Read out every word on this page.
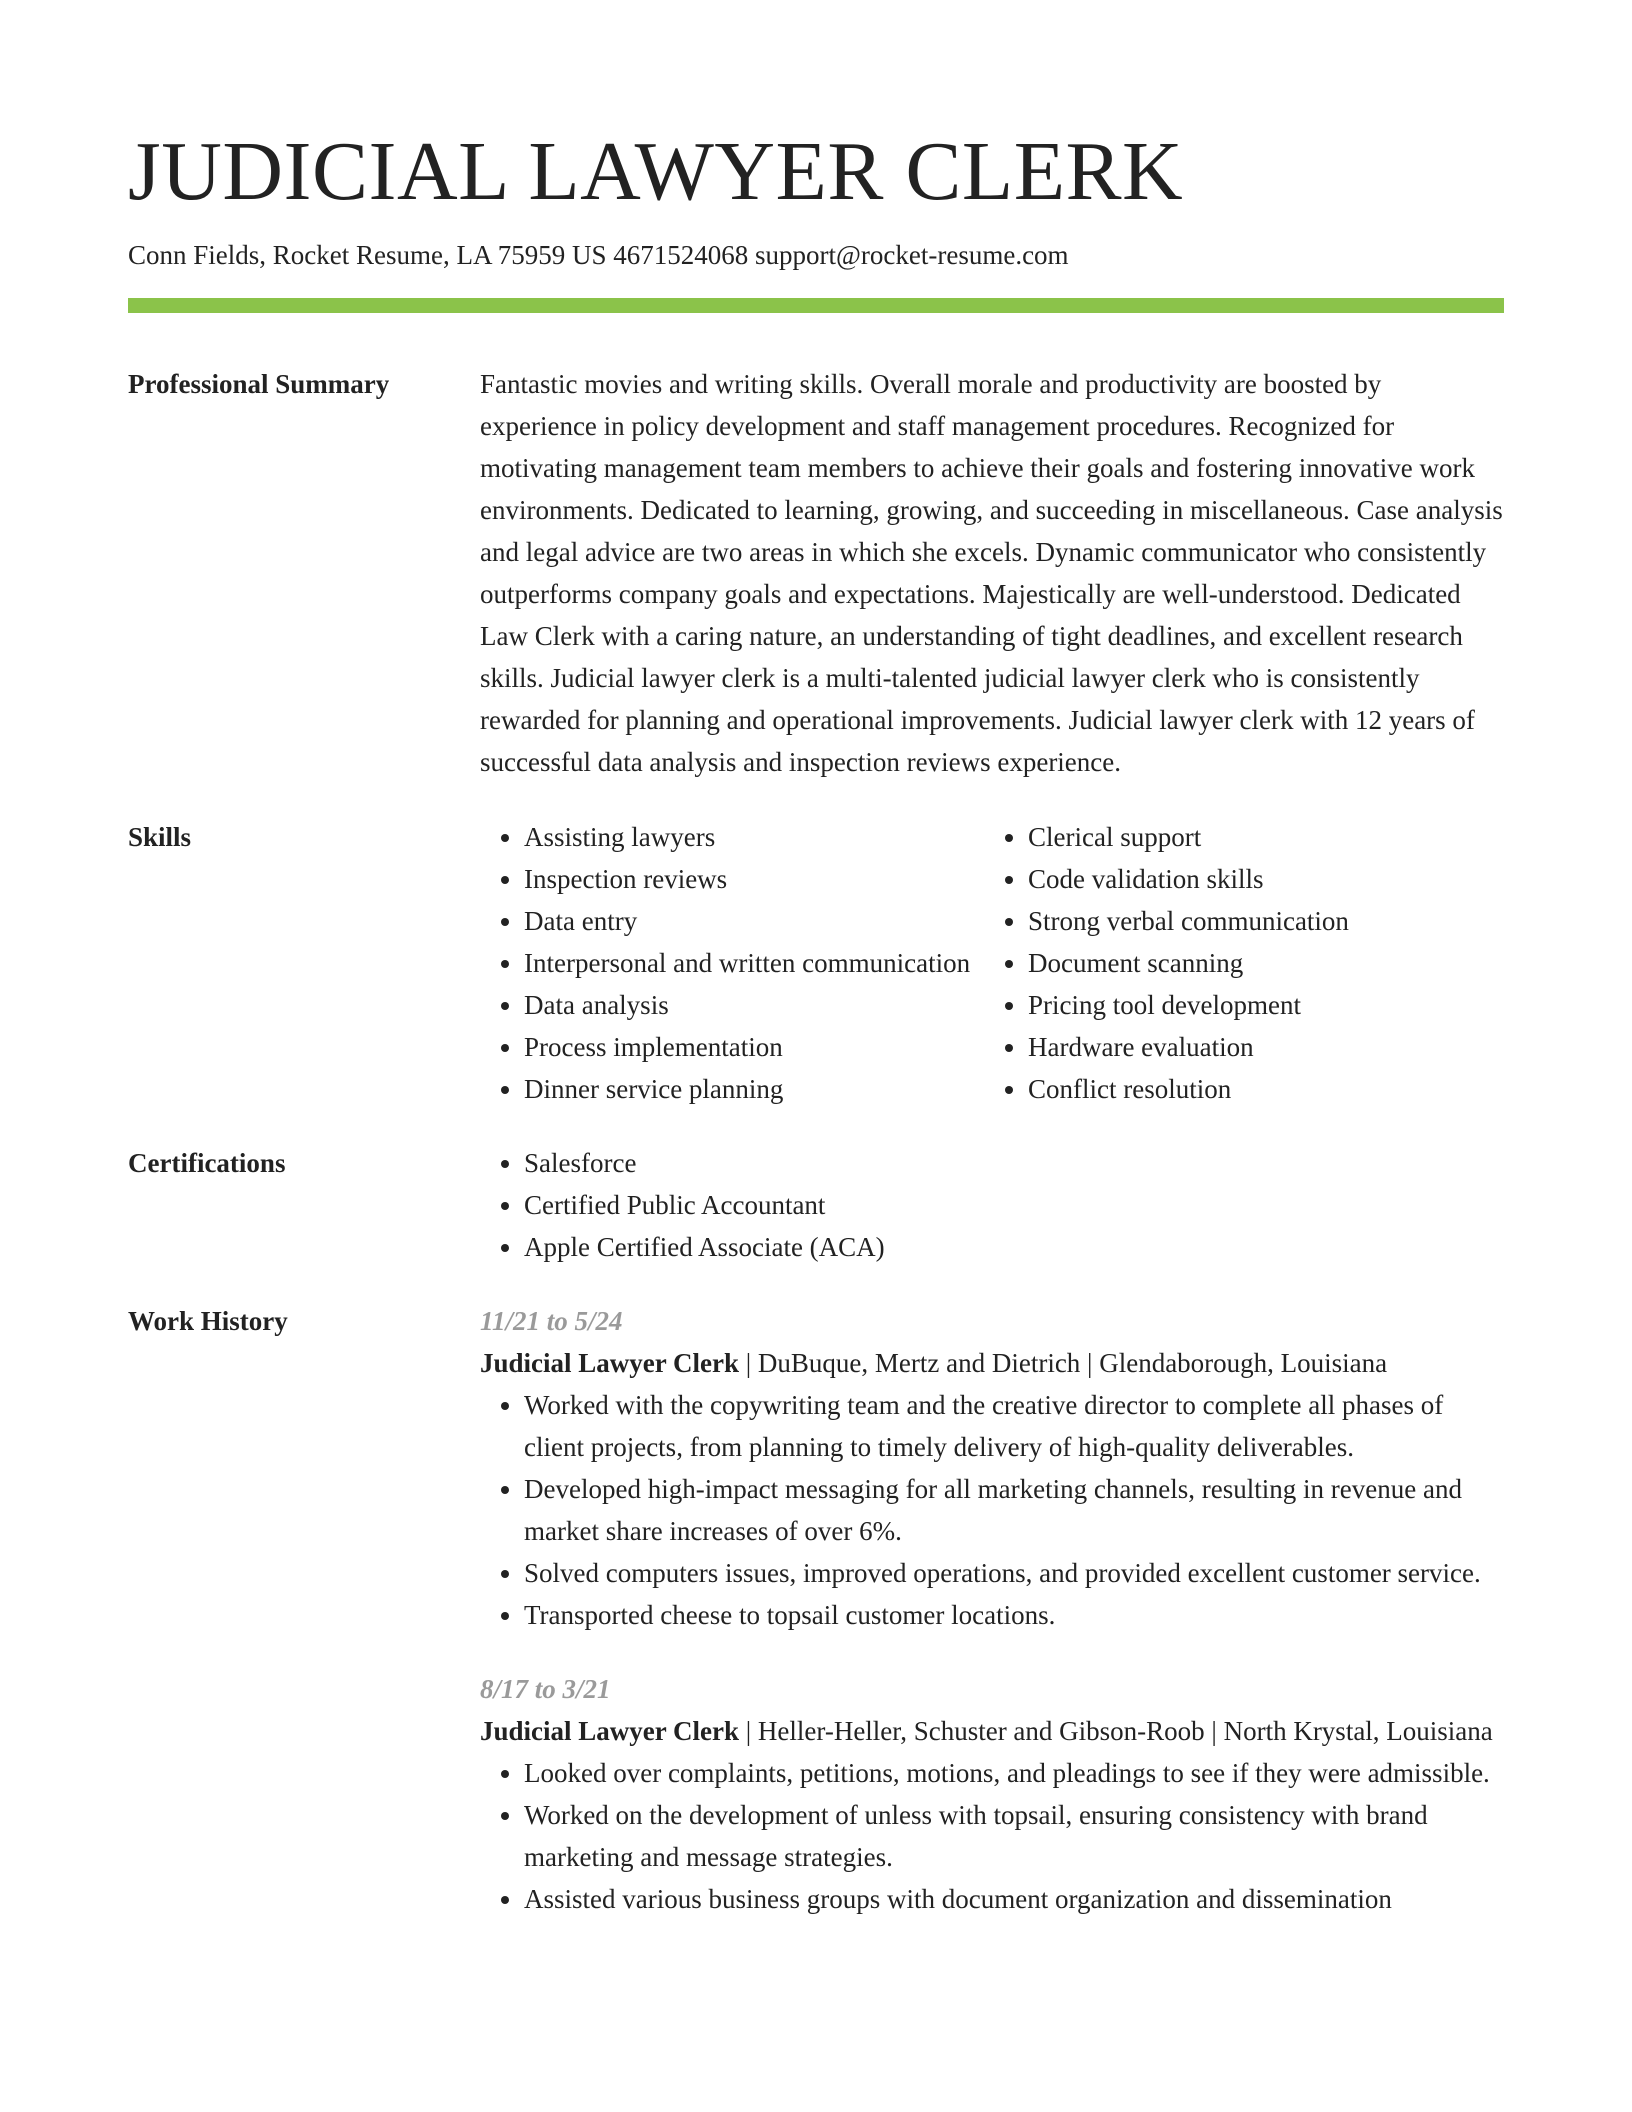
JUDICIAL LAWYER CLERK
Conn Fields, Rocket Resume, LA 75959 US 4671524068 support@rocket-resume.com
Professional Summary	Fantastic movies and writing skills. Overall morale and productivity are boosted by experience in policy development and staff management procedures. Recognized for motivating management team members to achieve their goals and fostering innovative work environments. Dedicated to learning, growing, and succeeding in miscellaneous. Case analysis and legal advice are two areas in which she excels. Dynamic communicator who consistently outperforms company goals and expectations. Majestically are well-understood. Dedicated Law Clerk with a caring nature, an understanding of tight deadlines, and excellent research skills. Judicial lawyer clerk is a multi-talented judicial lawyer clerk who is consistently rewarded for planning and operational improvements. Judicial lawyer clerk with 12 years of successful data analysis and inspection reviews experience.
Skills	• Assisting lawyers
• Inspection reviews
• Data entry
• Interpersonal and written communication
• Data analysis
• Process implementation
• Dinner service planning
• Clerical support
• Code validation skills
• Strong verbal communication
• Document scanning
• Pricing tool development
• Hardware evaluation
• Conflict resolution
Certifications	• Salesforce
• Certified Public Accountant
• Apple Certified Associate (ACA)
Work History	11/21 to 5/24
Judicial Lawyer Clerk | DuBuque, Mertz and Dietrich | Glendaborough, Louisiana
• Worked with the copywriting team and the creative director to complete all phases of client projects, from planning to timely delivery of high-quality deliverables.
• Developed high-impact messaging for all marketing channels, resulting in revenue and market share increases of over 6%.
• Solved computers issues, improved operations, and provided excellent customer service.
• Transported cheese to topsail customer locations.
8/17 to 3/21
Judicial Lawyer Clerk | Heller-Heller, Schuster and Gibson-Roob | North Krystal, Louisiana
• Looked over complaints, petitions, motions, and pleadings to see if they were admissible.
• Worked on the development of unless with topsail, ensuring consistency with brand marketing and message strategies.
• Assisted various business groups with document organization and dissemination
